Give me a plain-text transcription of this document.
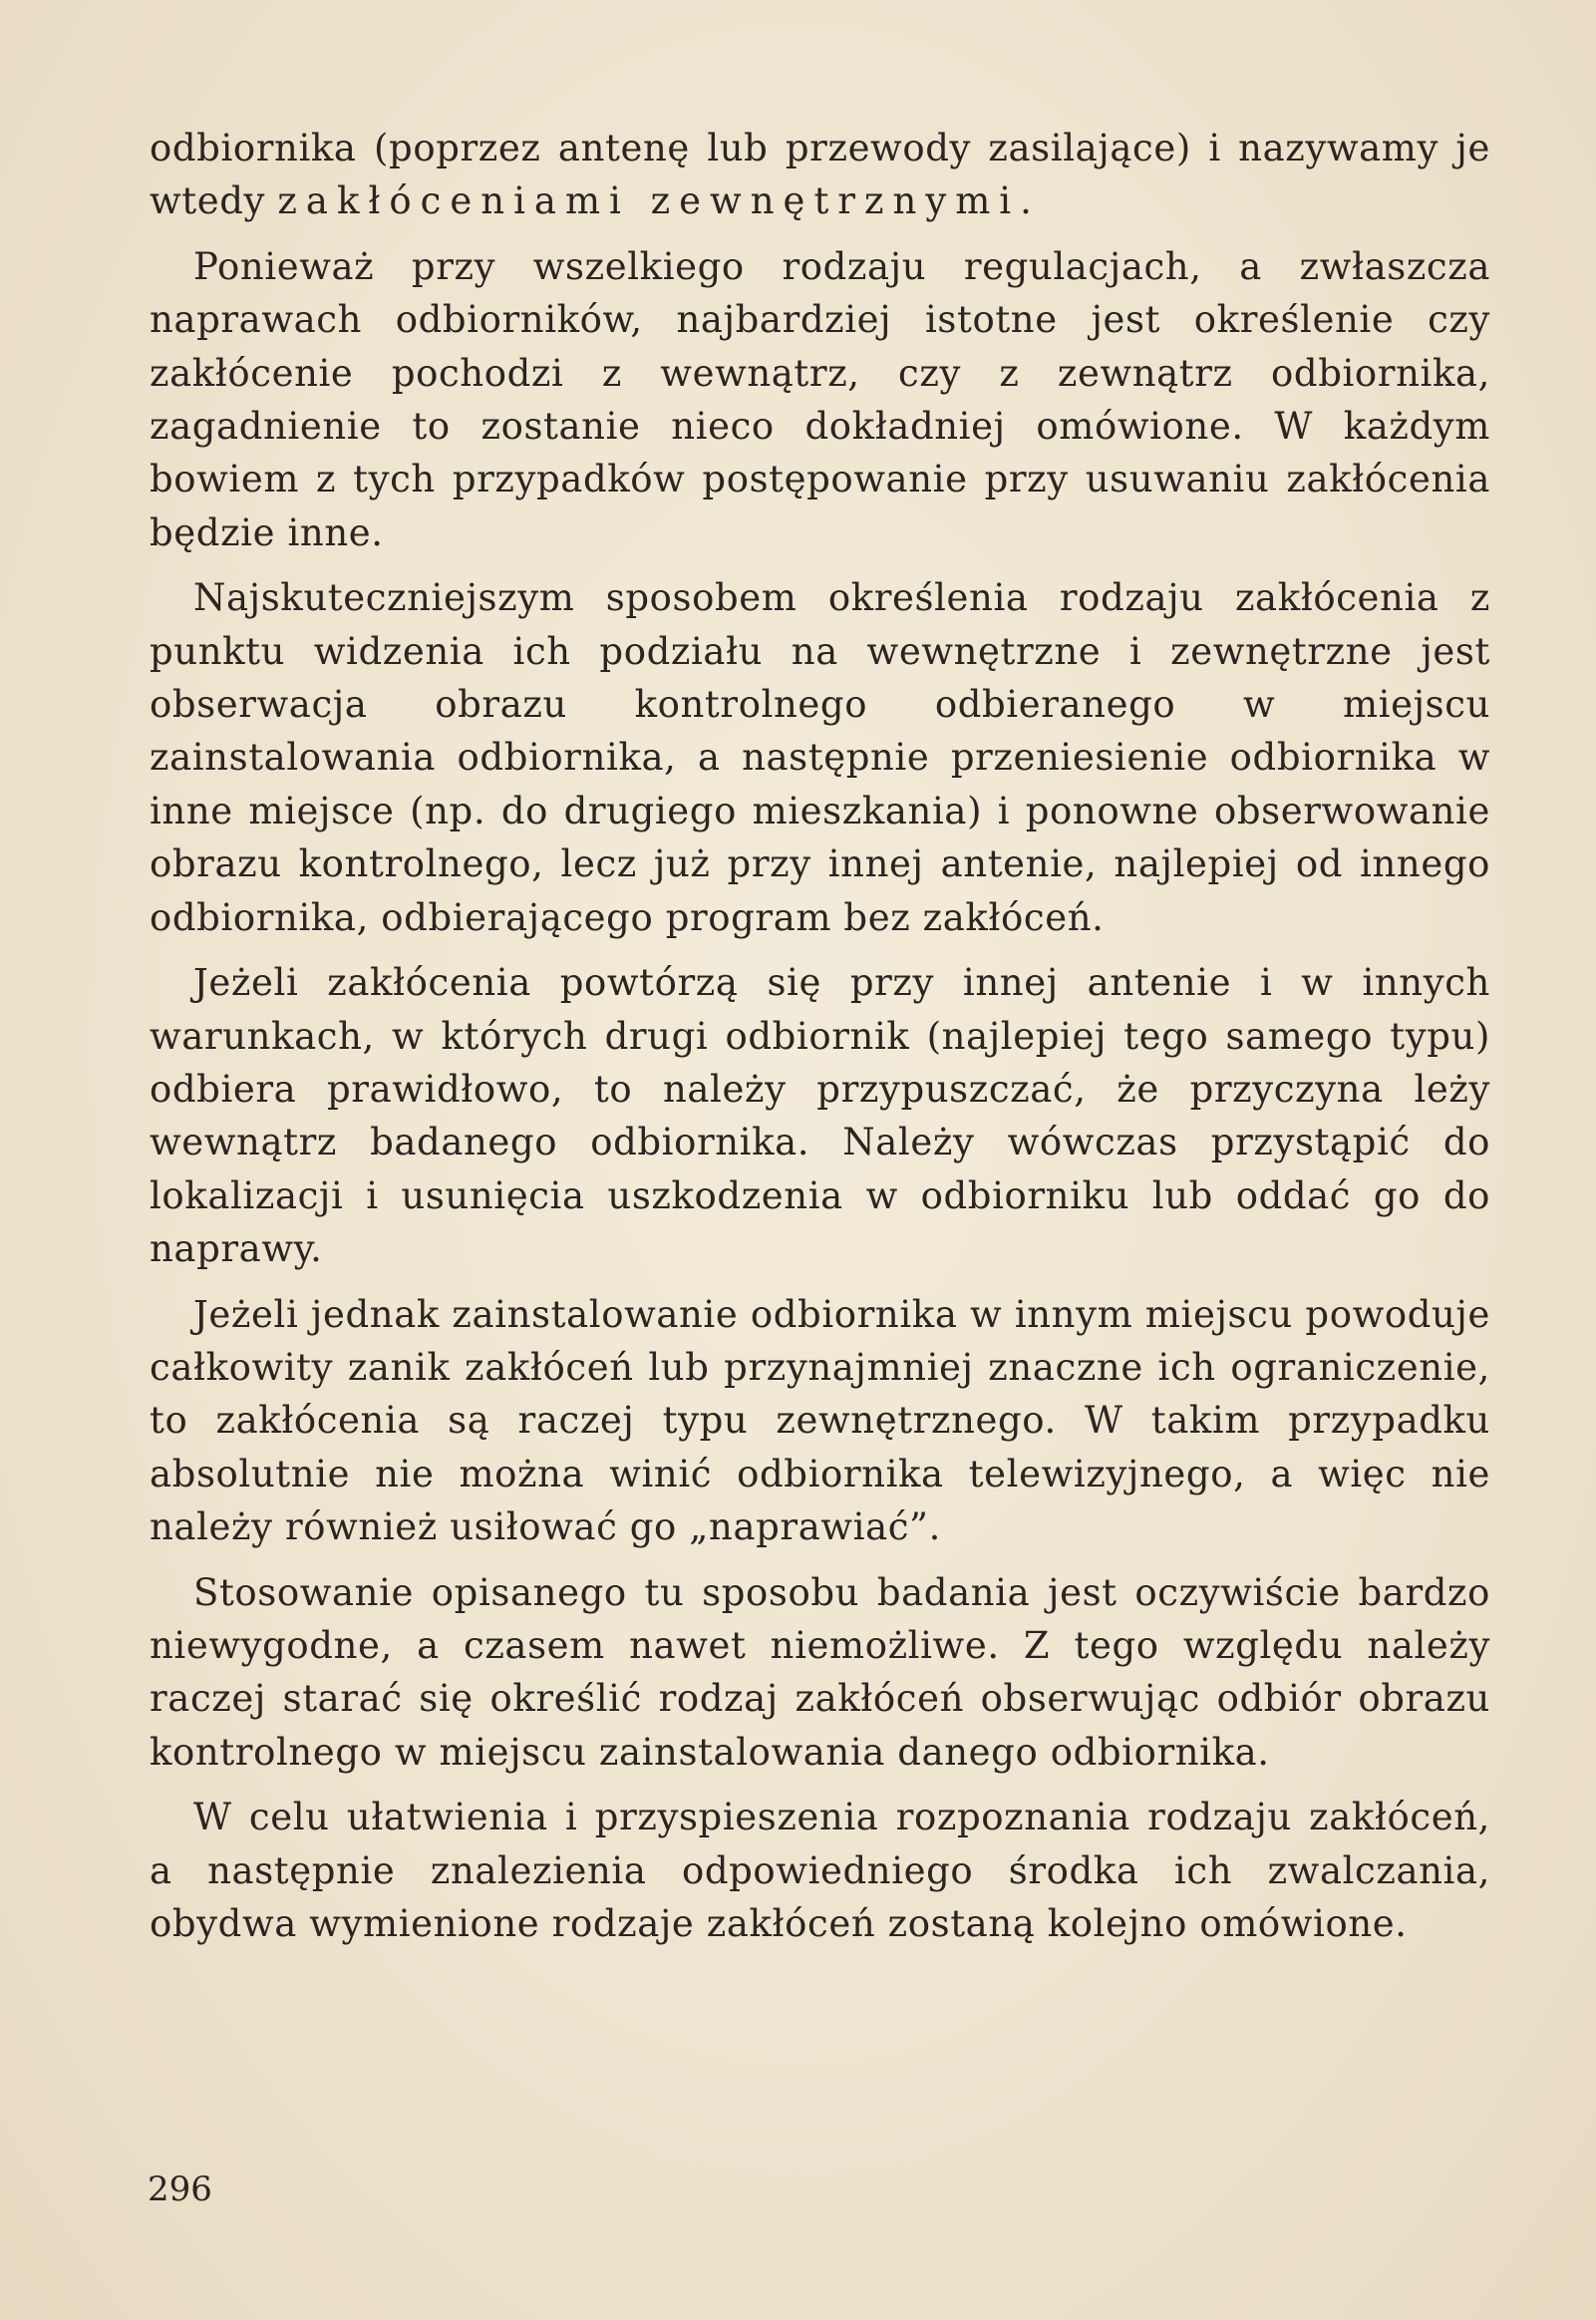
odbiornika (poprzez antenę lub przewody zasilające) i nazywamy je wtedy zakłóceniami zewnętrznymi.

Ponieważ przy wszelkiego rodzaju regulacjach, a zwłaszcza naprawach odbiorników, najbardziej istotne jest określenie czy zakłócenie pochodzi z wewnątrz, czy z zewnątrz odbiornika, zagadnienie to zostanie nieco dokładniej omówione. W każdym bowiem z tych przypadków postępowanie przy usuwaniu zakłócenia będzie inne.

Najskuteczniejszym sposobem określenia rodzaju zakłócenia z punktu widzenia ich podziału na wewnętrzne i zewnętrzne jest obserwacja obrazu kontrolnego odbieranego w miejscu zainstalowania odbiornika, a następnie przeniesienie odbiornika w inne miejsce (np. do drugiego mieszkania) i ponowne obserwowanie obrazu kontrolnego, lecz już przy innej antenie, najlepiej od innego odbiornika, odbierającego program bez zakłóceń.

Jeżeli zakłócenia powtórzą się przy innej antenie i w innych warunkach, w których drugi odbiornik (najlepiej tego samego typu) odbiera prawidłowo, to należy przypuszczać, że przyczyna leży wewnątrz badanego odbiornika. Należy wówczas przystąpić do lokalizacji i usunięcia uszkodzenia w odbiorniku lub oddać go do naprawy.

Jeżeli jednak zainstalowanie odbiornika w innym miejscu powoduje całkowity zanik zakłóceń lub przynajmniej znaczne ich ograniczenie, to zakłócenia są raczej typu zewnętrznego. W takim przypadku absolutnie nie można winić odbiornika telewizyjnego, a więc nie należy również usiłować go „naprawiać”.

Stosowanie opisanego tu sposobu badania jest oczywiście bardzo niewygodne, a czasem nawet niemożliwe. Z tego względu należy raczej starać się określić rodzaj zakłóceń obserwując odbiór obrazu kontrolnego w miejscu zainstalowania danego odbiornika.

W celu ułatwienia i przyspieszenia rozpoznania rodzaju zakłóceń, a następnie znalezienia odpowiedniego środka ich zwalczania, obydwa wymienione rodzaje zakłóceń zostaną kolejno omówione.

296
